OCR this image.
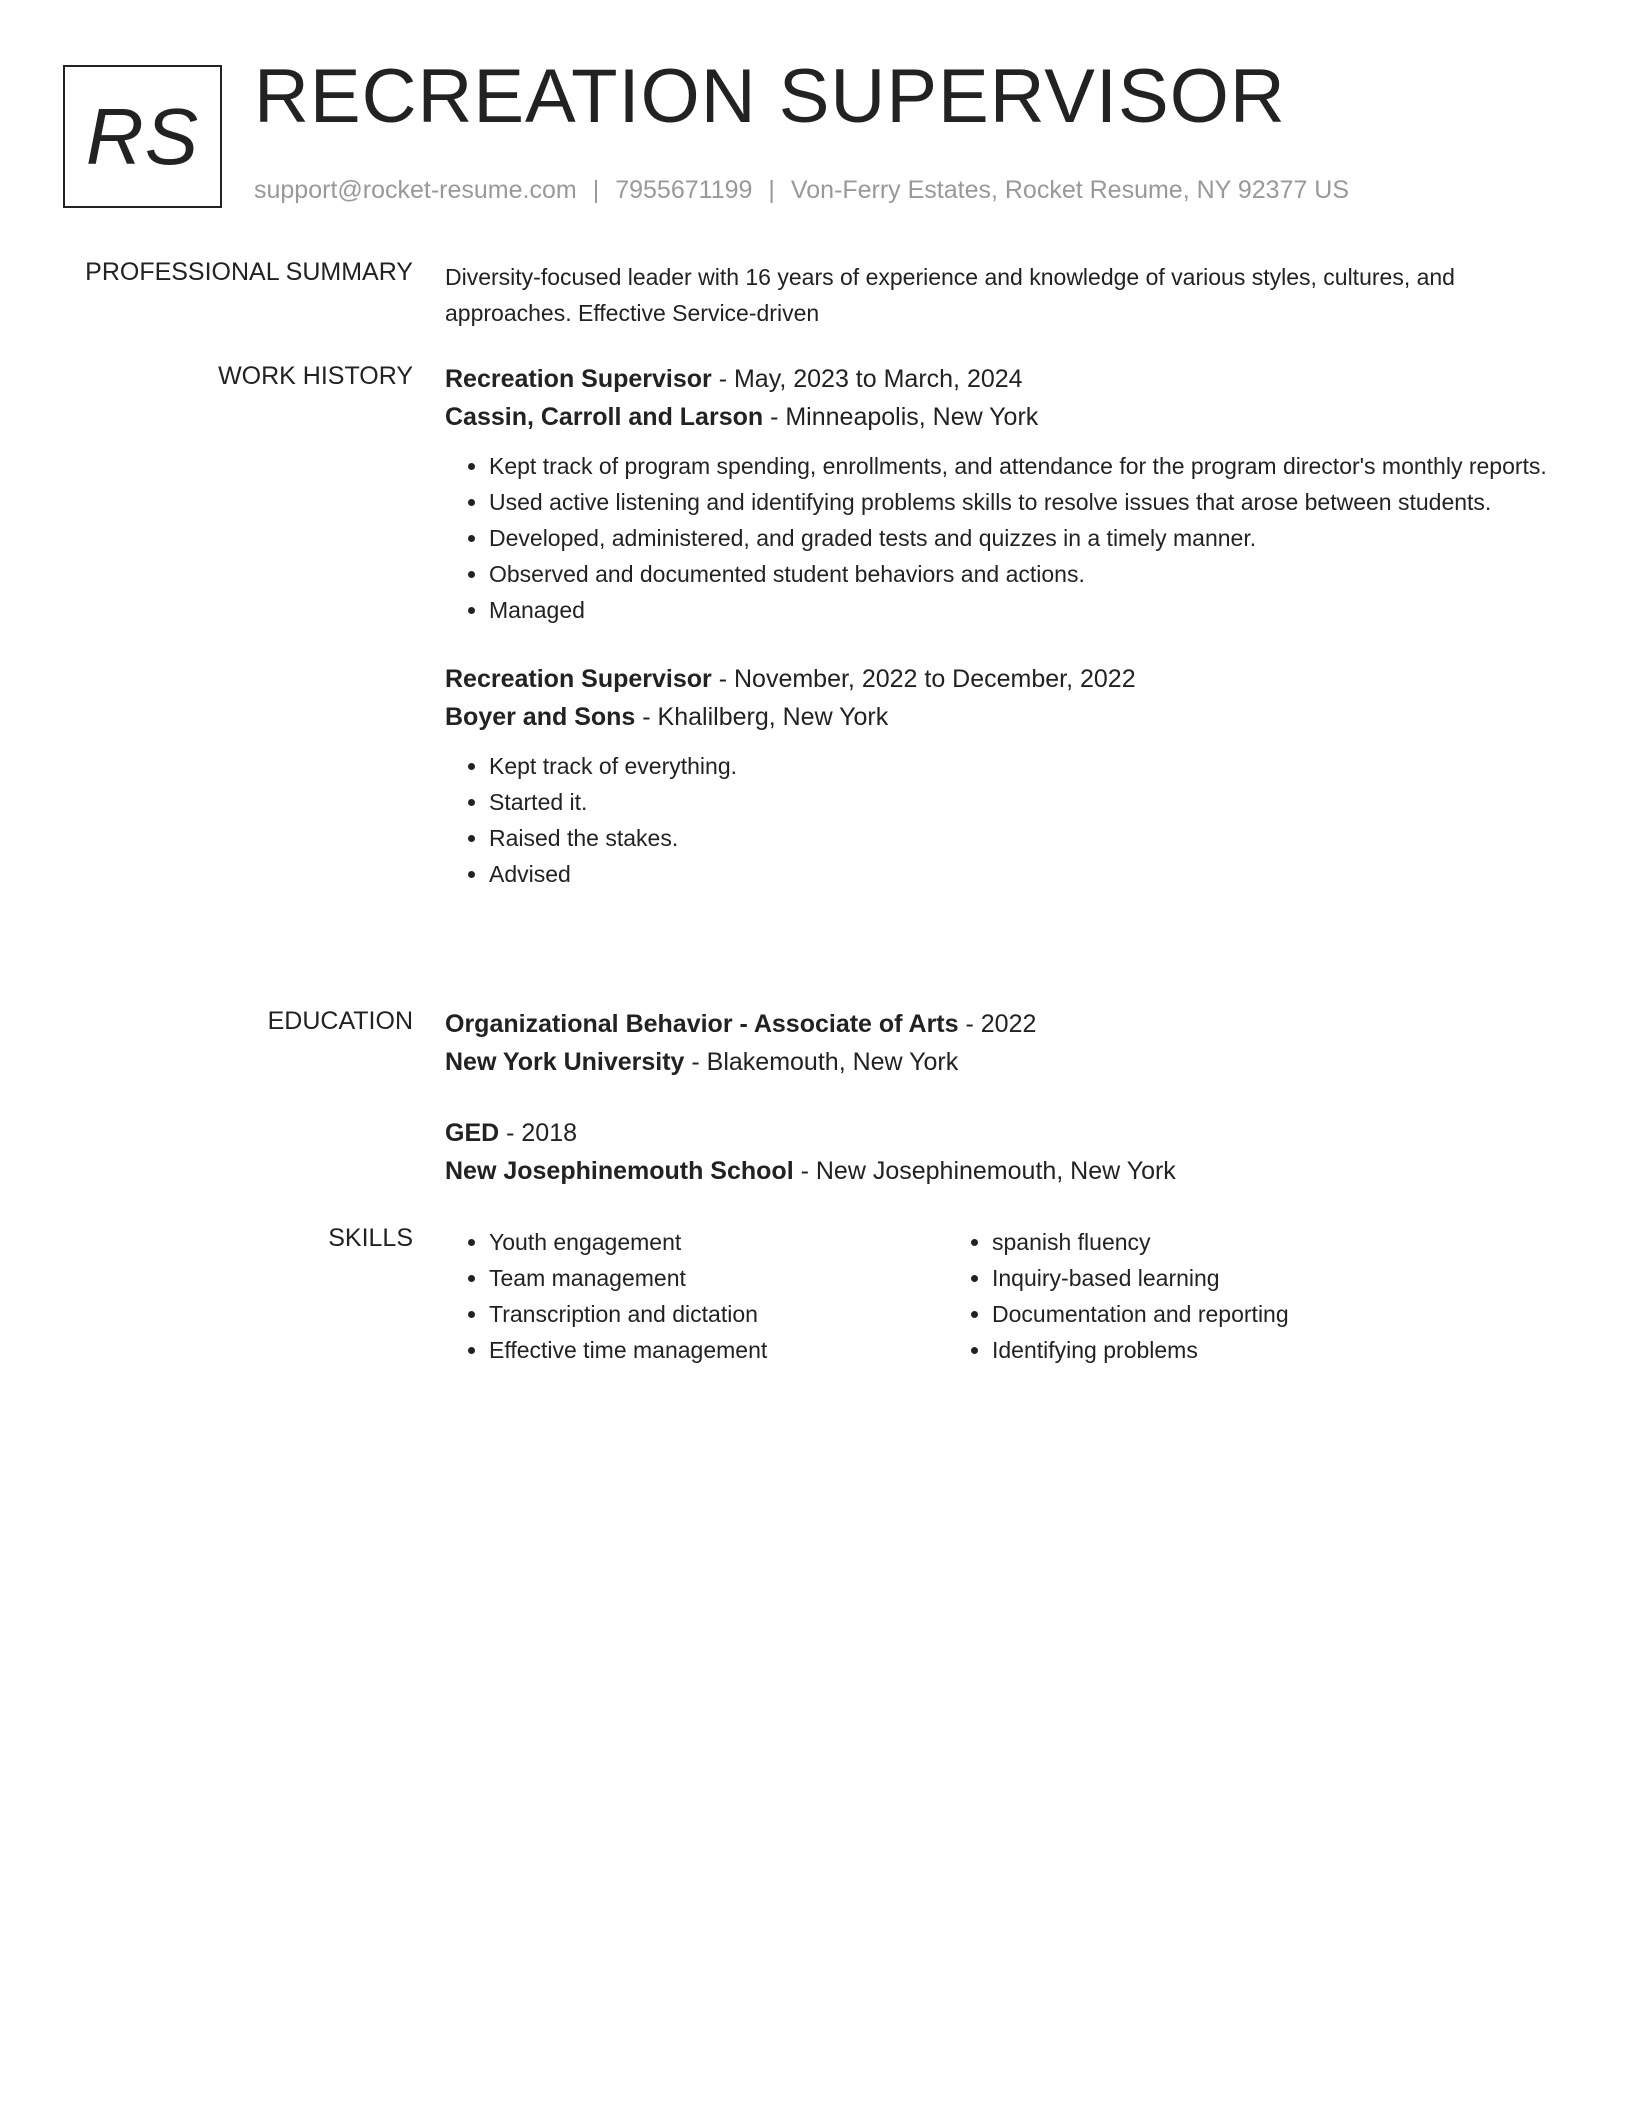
RS RECREATION SUPERVISOR
support@rocket-resume.com | 7955671199 | Von-Ferry Estates, Rocket Resume, NY 92377 US
PROFESSIONAL SUMMARY Diversity-focused leader with 16 years of experience and knowledge of various styles, cultures, and approaches. Effective Service-driven
WORK HISTORY Recreation Supervisor - May, 2023 to March, 2024
Cassin, Carroll and Larson - Minneapolis, New York
• Kept track of program spending, enrollments, and attendance for the program director's monthly reports.
• Used active listening and identifying problems skills to resolve issues that arose between students.
• Developed, administered, and graded tests and quizzes in a timely manner.
• Observed and documented student behaviors and actions.
• Managed
Recreation Supervisor - November, 2022 to December, 2022
Boyer and Sons - Khalilberg, New York
• Kept track of everything.
• Started it.
• Raised the stakes.
• Advised
EDUCATION Organizational Behavior - Associate of Arts - 2022
New York University - Blakemouth, New York
GED - 2018
New Josephinemouth School - New Josephinemouth, New York
SKILLS
•	Youth engagement
• Team management
• Transcription and dictation
• Effective time management
• spanish fluency
• Inquiry-based learning
• Documentation and reporting
• Identifying problems
